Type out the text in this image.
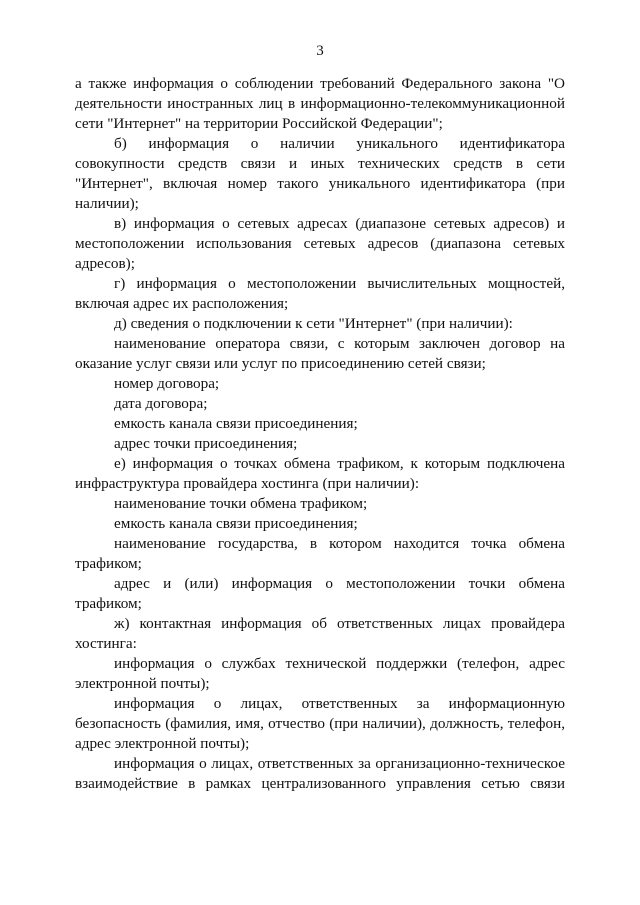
3

а также информация о соблюдении требований Федерального закона "О деятельности иностранных лиц в информационно-телекоммуникационной сети "Интернет" на территории Российской Федерации";

б) информация о наличии уникального идентификатора совокупности средств связи и иных технических средств в сети "Интернет", включая номер такого уникального идентификатора (при наличии);

в) информация о сетевых адресах (диапазоне сетевых адресов) и местоположении использования сетевых адресов (диапазона сетевых адресов);

г) информация о местоположении вычислительных мощностей, включая адрес их расположения;

д) сведения о подключении к сети "Интернет" (при наличии):

наименование оператора связи, с которым заключен договор на оказание услуг связи или услуг по присоединению сетей связи;

номер договора;

дата договора;

емкость канала связи присоединения;

адрес точки присоединения;

е) информация о точках обмена трафиком, к которым подключена инфраструктура провайдера хостинга (при наличии):

наименование точки обмена трафиком;

емкость канала связи присоединения;

наименование государства, в котором находится точка обмена трафиком;

адрес и (или) информация о местоположении точки обмена трафиком;

ж) контактная информация об ответственных лицах провайдера хостинга:

информация о службах технической поддержки (телефон, адрес электронной почты);

информация о лицах, ответственных за информационную безопасность (фамилия, имя, отчество (при наличии), должность, телефон, адрес электронной почты);

информация о лицах, ответственных за организационно-техническое взаимодействие в рамках централизованного управления сетью связи
